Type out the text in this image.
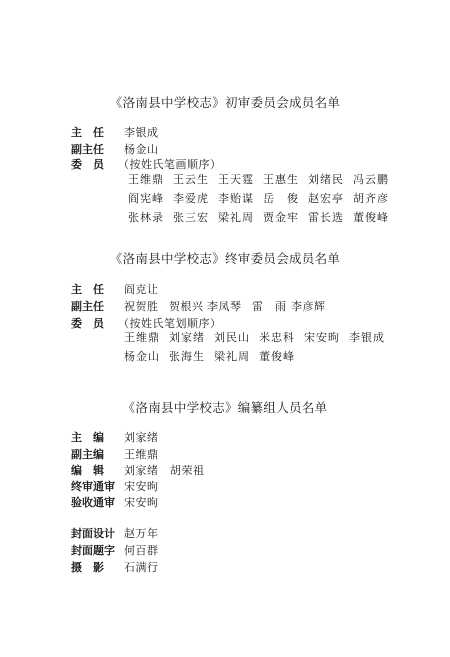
《洛南县中学校志》初审委员会成员名单
主　任	李银成
副主任	杨金山
委　员	（按姓氏笔画顺序）
王维鼎 王云生 王天霆 王惠生 刘绪民 冯云鹏
阎宪峰 李爱虎 李贻谋 岳　俊 赵宏亭 胡齐彦
张林录 张三宏 梁礼周 贾金牢 雷长选 董俊峰
《洛南县中学校志》终审委员会成员名单
主　任	阎克让
副主任	祝贺胜 贺根兴 李凤琴 雷　雨 李彦辉
委　员	（按姓氏笔划顺序）
王维鼎 刘家绪 刘民山 米忠科 宋安昫 李银成
杨金山 张海生 梁礼周 董俊峰
《洛南县中学校志》编纂组人员名单
主　编	刘家绪
副主编	王维鼎
编　辑	刘家绪　胡荣祖
终审通审 宋安昫
验收通审 宋安昫
封面设计 赵万年
封面题字 何百群
摄　影	石满行
